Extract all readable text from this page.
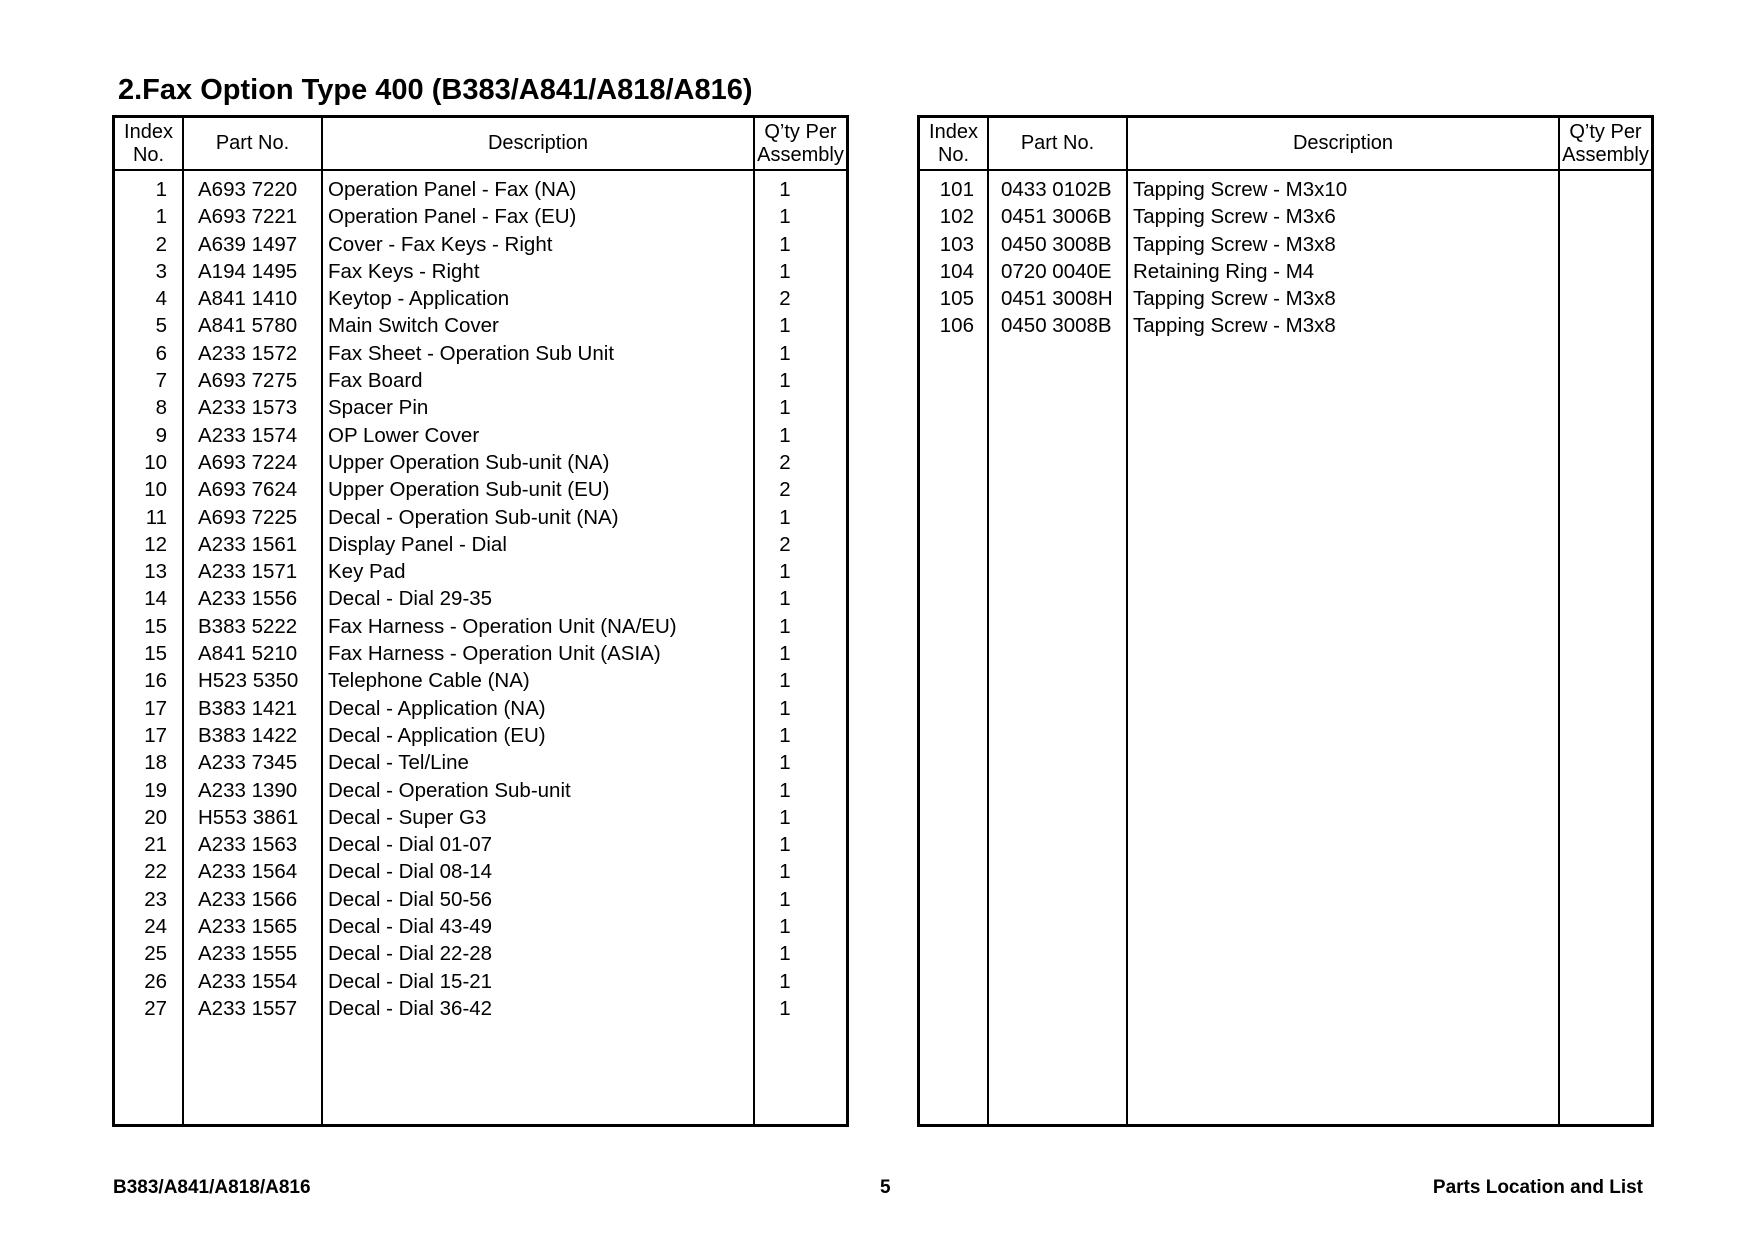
2.Fax Option Type 400 (B383/A841/A818/A816)
Index
No.
Part No.	Description
Q’ty Per
Assembly
1 A693 7220 Operation Panel - Fax (NA)	1
1 A693 7221 Operation Panel - Fax (EU)	1
2 A639 1497 Cover - Fax Keys - Right	1
3 A194 1495 Fax Keys - Right	1
4 A841 1410 Keytop - Application	2
5 A841 5780 Main Switch Cover	1
6 A233 1572 Fax Sheet - Operation Sub Unit	1
7 A693 7275 Fax Board	1
8 A233 1573 Spacer Pin	1
9 A233 1574 OP Lower Cover	1
10 A693 7224 Upper Operation Sub-unit (NA)	2
10 A693 7624 Upper Operation Sub-unit (EU)	2
11 A693 7225 Decal - Operation Sub-unit (NA)	1
12 A233 1561 Display Panel - Dial	2
13 A233 1571 Key Pad	1
14 A233 1556 Decal - Dial 29-35	1
15 B383 5222 Fax Harness - Operation Unit (NA/EU)	1
15 A841 5210 Fax Harness - Operation Unit (ASIA)	1
16 H523 5350 Telephone Cable (NA)	1
17 B383 1421 Decal - Application (NA)	1
17 B383 1422 Decal - Application (EU)	1
18 A233 7345 Decal - Tel/Line	1
19 A233 1390 Decal - Operation Sub-unit	1
20 H553 3861 Decal - Super G3	1
21 A233 1563 Decal - Dial 01-07	1
22 A233 1564 Decal - Dial 08-14	1
23 A233 1566 Decal - Dial 50-56	1
24 A233 1565 Decal - Dial 43-49	1
25 A233 1555 Decal - Dial 22-28	1
26 A233 1554 Decal - Dial 15-21	1
27 A233 1557 Decal - Dial 36-42	1
Index
No.
Part No.	Description
Q’ty Per
Assembly
101 0433 0102B Tapping Screw - M3x10
102 0451 3006B Tapping Screw - M3x6
103 0450 3008B Tapping Screw - M3x8
104 0720 0040E Retaining Ring - M4
105 0451 3008H Tapping Screw - M3x8
106 0450 3008B Tapping Screw - M3x8
B383/A841/A818/A816	5	Parts Location and List
